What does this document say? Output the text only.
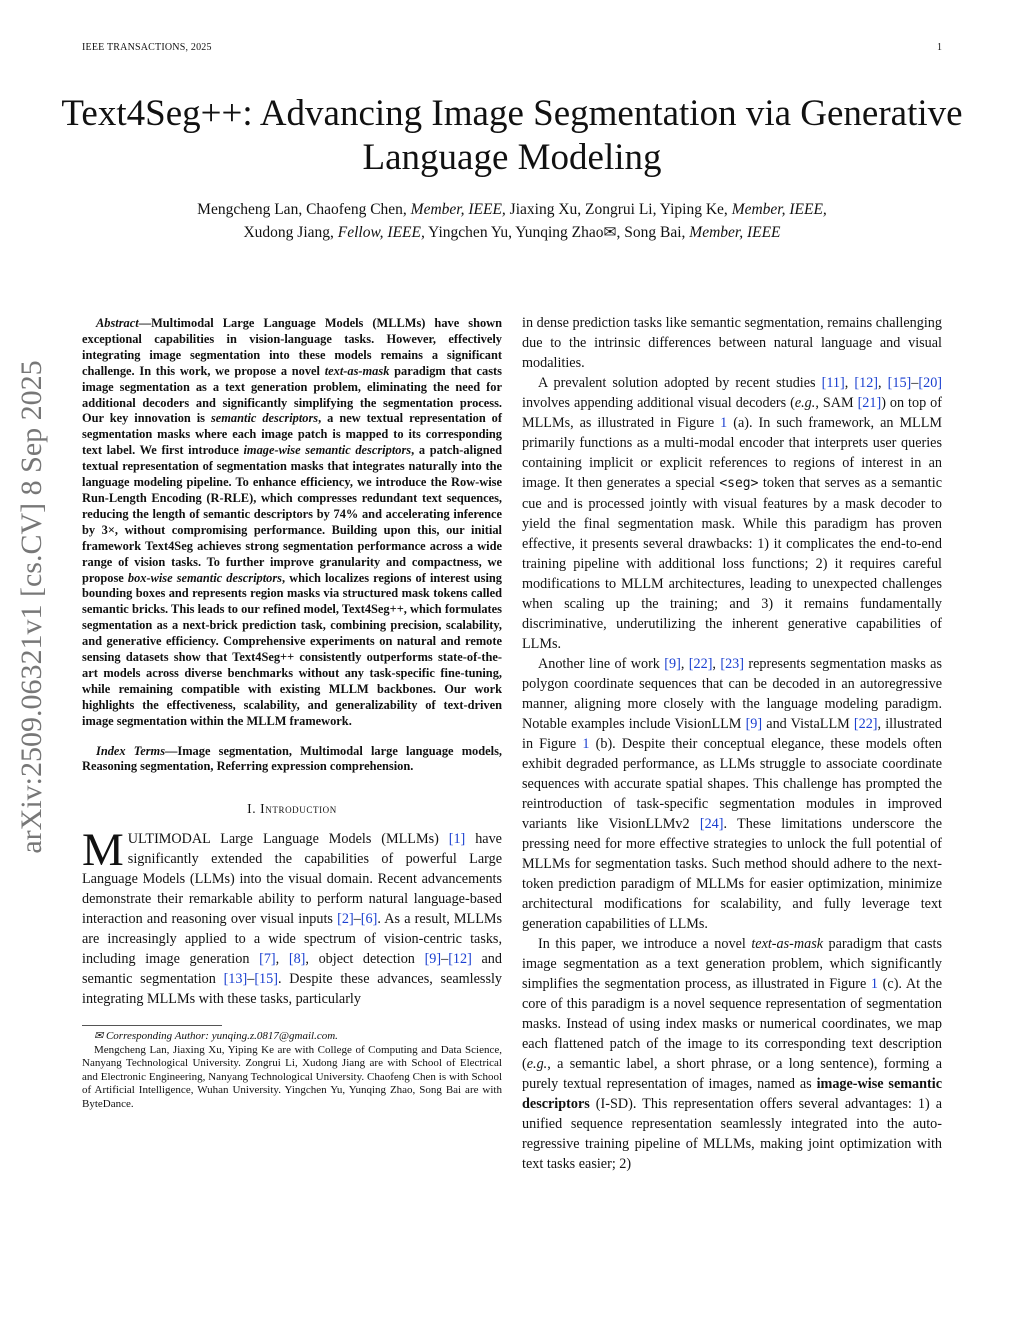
IEEE TRANSACTIONS, 2025	1
Text4Seg++: Advancing Image Segmentation via Generative Language Modeling
Mengcheng Lan, Chaofeng Chen, Member, IEEE, Jiaxing Xu, Zongrui Li, Yiping Ke, Member, IEEE,
Xudong Jiang, Fellow, IEEE, Yingchen Yu, Yunqing Zhao✉, Song Bai, Member, IEEE
arXiv:2509.06321v1 [cs.CV] 8 Sep 2025

Abstract—Multimodal Large Language Models (MLLMs) have shown exceptional capabilities in vision-language tasks. However, effectively integrating image segmentation into these models remains a significant challenge. In this work, we propose a novel text-as-mask paradigm that casts image segmentation as a text generation problem, eliminating the need for additional decoders and significantly simplifying the segmentation process. Our key innovation is semantic descriptors, a new textual representation of segmentation masks where each image patch is mapped to its corresponding text label. We first introduce image-wise semantic descriptors, a patch-aligned textual representation of segmentation masks that integrates naturally into the language modeling pipeline. To enhance efficiency, we introduce the Row-wise Run-Length Encoding (R-RLE), which compresses redundant text sequences, reducing the length of semantic descriptors by 74% and accelerating inference by 3×, without compromising performance. Building upon this, our initial framework Text4Seg achieves strong segmentation performance across a wide range of vision tasks. To further improve granularity and compactness, we propose box-wise semantic descriptors, which localizes regions of interest using bounding boxes and represents region masks via structured mask tokens called semantic bricks. This leads to our refined model, Text4Seg++, which formulates segmentation as a next-brick prediction task, combining precision, scalability, and generative efficiency. Comprehensive experiments on natural and remote sensing datasets show that Text4Seg++ consistently outperforms state-of-the-art models across diverse benchmarks without any task-specific fine-tuning, while remaining compatible with existing MLLM backbones. Our work highlights the effectiveness, scalability, and generalizability of text-driven image segmentation within the MLLM framework.

Index Terms—Image segmentation, Multimodal large language models, Reasoning segmentation, Referring expression comprehension.

I. Introduction

MULTIMODAL Large Language Models (MLLMs) [1] have significantly extended the capabilities of powerful Large Language Models (LLMs) into the visual domain. Recent advancements demonstrate their remarkable ability to perform natural language-based interaction and reasoning over visual inputs [2]–[6]. As a result, MLLMs are increasingly applied to a wide spectrum of vision-centric tasks, including image generation [7], [8], object detection [9]–[12] and semantic segmentation [13]–[15]. Despite these advances, seamlessly integrating MLLMs with these tasks, particularly

✉ Corresponding Author: yunqing.z.0817@gmail.com.
Mengcheng Lan, Jiaxing Xu, Yiping Ke are with College of Computing and Data Science, Nanyang Technological University. Zongrui Li, Xudong Jiang are with School of Electrical and Electronic Engineering, Nanyang Technological University. Chaofeng Chen is with School of Artificial Intelligence, Wuhan University. Yingchen Yu, Yunqing Zhao, Song Bai are with ByteDance.

in dense prediction tasks like semantic segmentation, remains challenging due to the intrinsic differences between natural language and visual modalities.

A prevalent solution adopted by recent studies [11], [12], [15]–[20] involves appending additional visual decoders (e.g., SAM [21]) on top of MLLMs, as illustrated in Figure 1 (a). In such framework, an MLLM primarily functions as a multi-modal encoder that interprets user queries containing implicit or explicit references to regions of interest in an image. It then generates a special <seg> token that serves as a semantic cue and is processed jointly with visual features by a mask decoder to yield the final segmentation mask. While this paradigm has proven effective, it presents several drawbacks: 1) it complicates the end-to-end training pipeline with additional loss functions; 2) it requires careful modifications to MLLM architectures, leading to unexpected challenges when scaling up the training; and 3) it remains fundamentally discriminative, underutilizing the inherent generative capabilities of LLMs.

Another line of work [9], [22], [23] represents segmentation masks as polygon coordinate sequences that can be decoded in an autoregressive manner, aligning more closely with the language modeling paradigm. Notable examples include VisionLLM [9] and VistaLLM [22], illustrated in Figure 1 (b). Despite their conceptual elegance, these models often exhibit degraded performance, as LLMs struggle to associate coordinate sequences with accurate spatial shapes. This challenge has prompted the reintroduction of task-specific segmentation modules in improved variants like VisionLLMv2 [24]. These limitations underscore the pressing need for more effective strategies to unlock the full potential of MLLMs for segmentation tasks. Such method should adhere to the next-token prediction paradigm of MLLMs for easier optimization, minimize architectural modifications for scalability, and fully leverage text generation capabilities of LLMs.

In this paper, we introduce a novel text-as-mask paradigm that casts image segmentation as a text generation problem, which significantly simplifies the segmentation process, as illustrated in Figure 1 (c). At the core of this paradigm is a novel sequence representation of segmentation masks. Instead of using index masks or numerical coordinates, we map each flattened patch of the image to its corresponding text description (e.g., a semantic label, a short phrase, or a long sentence), forming a purely textual representation of images, named as image-wise semantic descriptors (I-SD). This representation offers several advantages: 1) a unified sequence representation seamlessly integrated into the auto-regressive training pipeline of MLLMs, making joint optimization with text tasks easier; 2)
